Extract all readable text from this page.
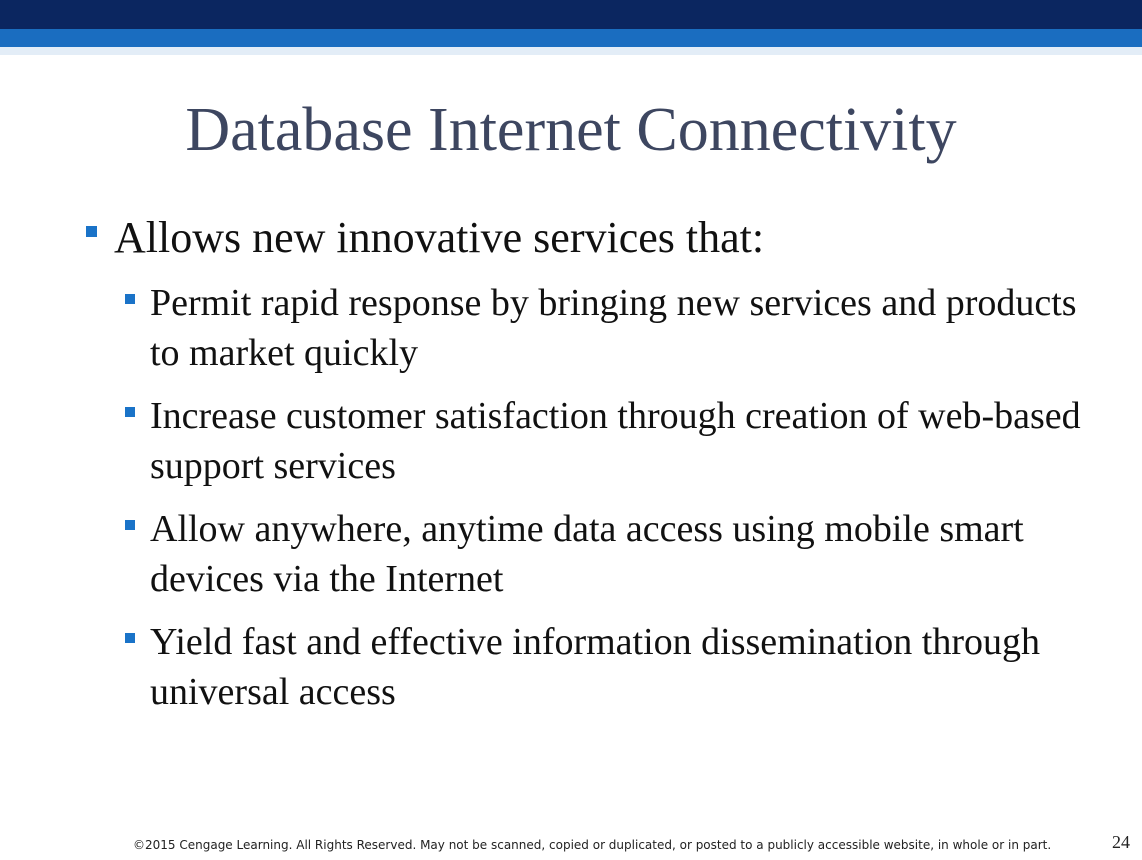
Database Internet Connectivity
Allows new innovative services that:
Permit rapid response by bringing new services and products to market quickly
Increase customer satisfaction through creation of web-based support services
Allow anywhere, anytime data access using mobile smart devices via the Internet
Yield fast and effective information dissemination through universal access
©2015 Cengage Learning. All Rights Reserved. May not be scanned, copied or duplicated, or posted to a publicly accessible website, in whole or in part.	24
